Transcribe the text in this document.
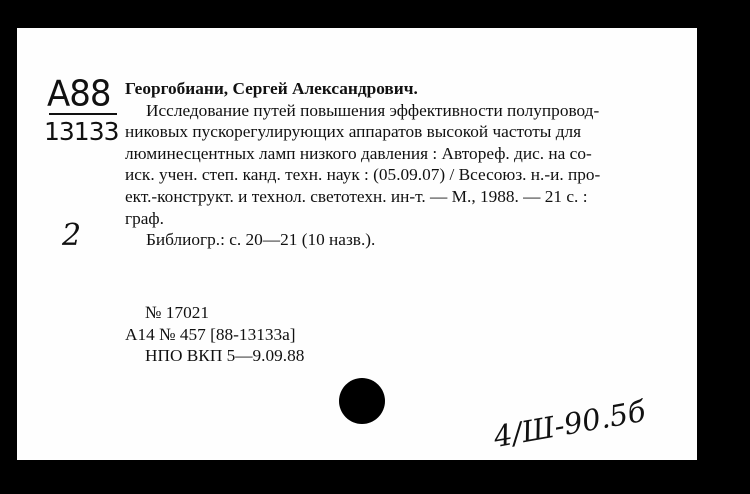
A88
13133
2

Георгобиани, Сергей Александрович.

Исследование путей повышения эффективности полупровод-

никовых пускорегулирующих аппаратов высокой частоты для

люминесцентных ламп низкого давления : Автореф. дис. на со-

иск. учен. степ. канд. техн. наук : (05.09.07) / Всесоюз. н.-и. про-

ект.-конструкт. и технол. светотехн. ин-т. — М., 1988. — 21 с. :

граф.

Библиогр.: с. 20—21 (10 назв.).

№ 17021
А14 № 457 [88-13133а]
НПО ВКП 5—9.09.88
4/Ш-90.5б
